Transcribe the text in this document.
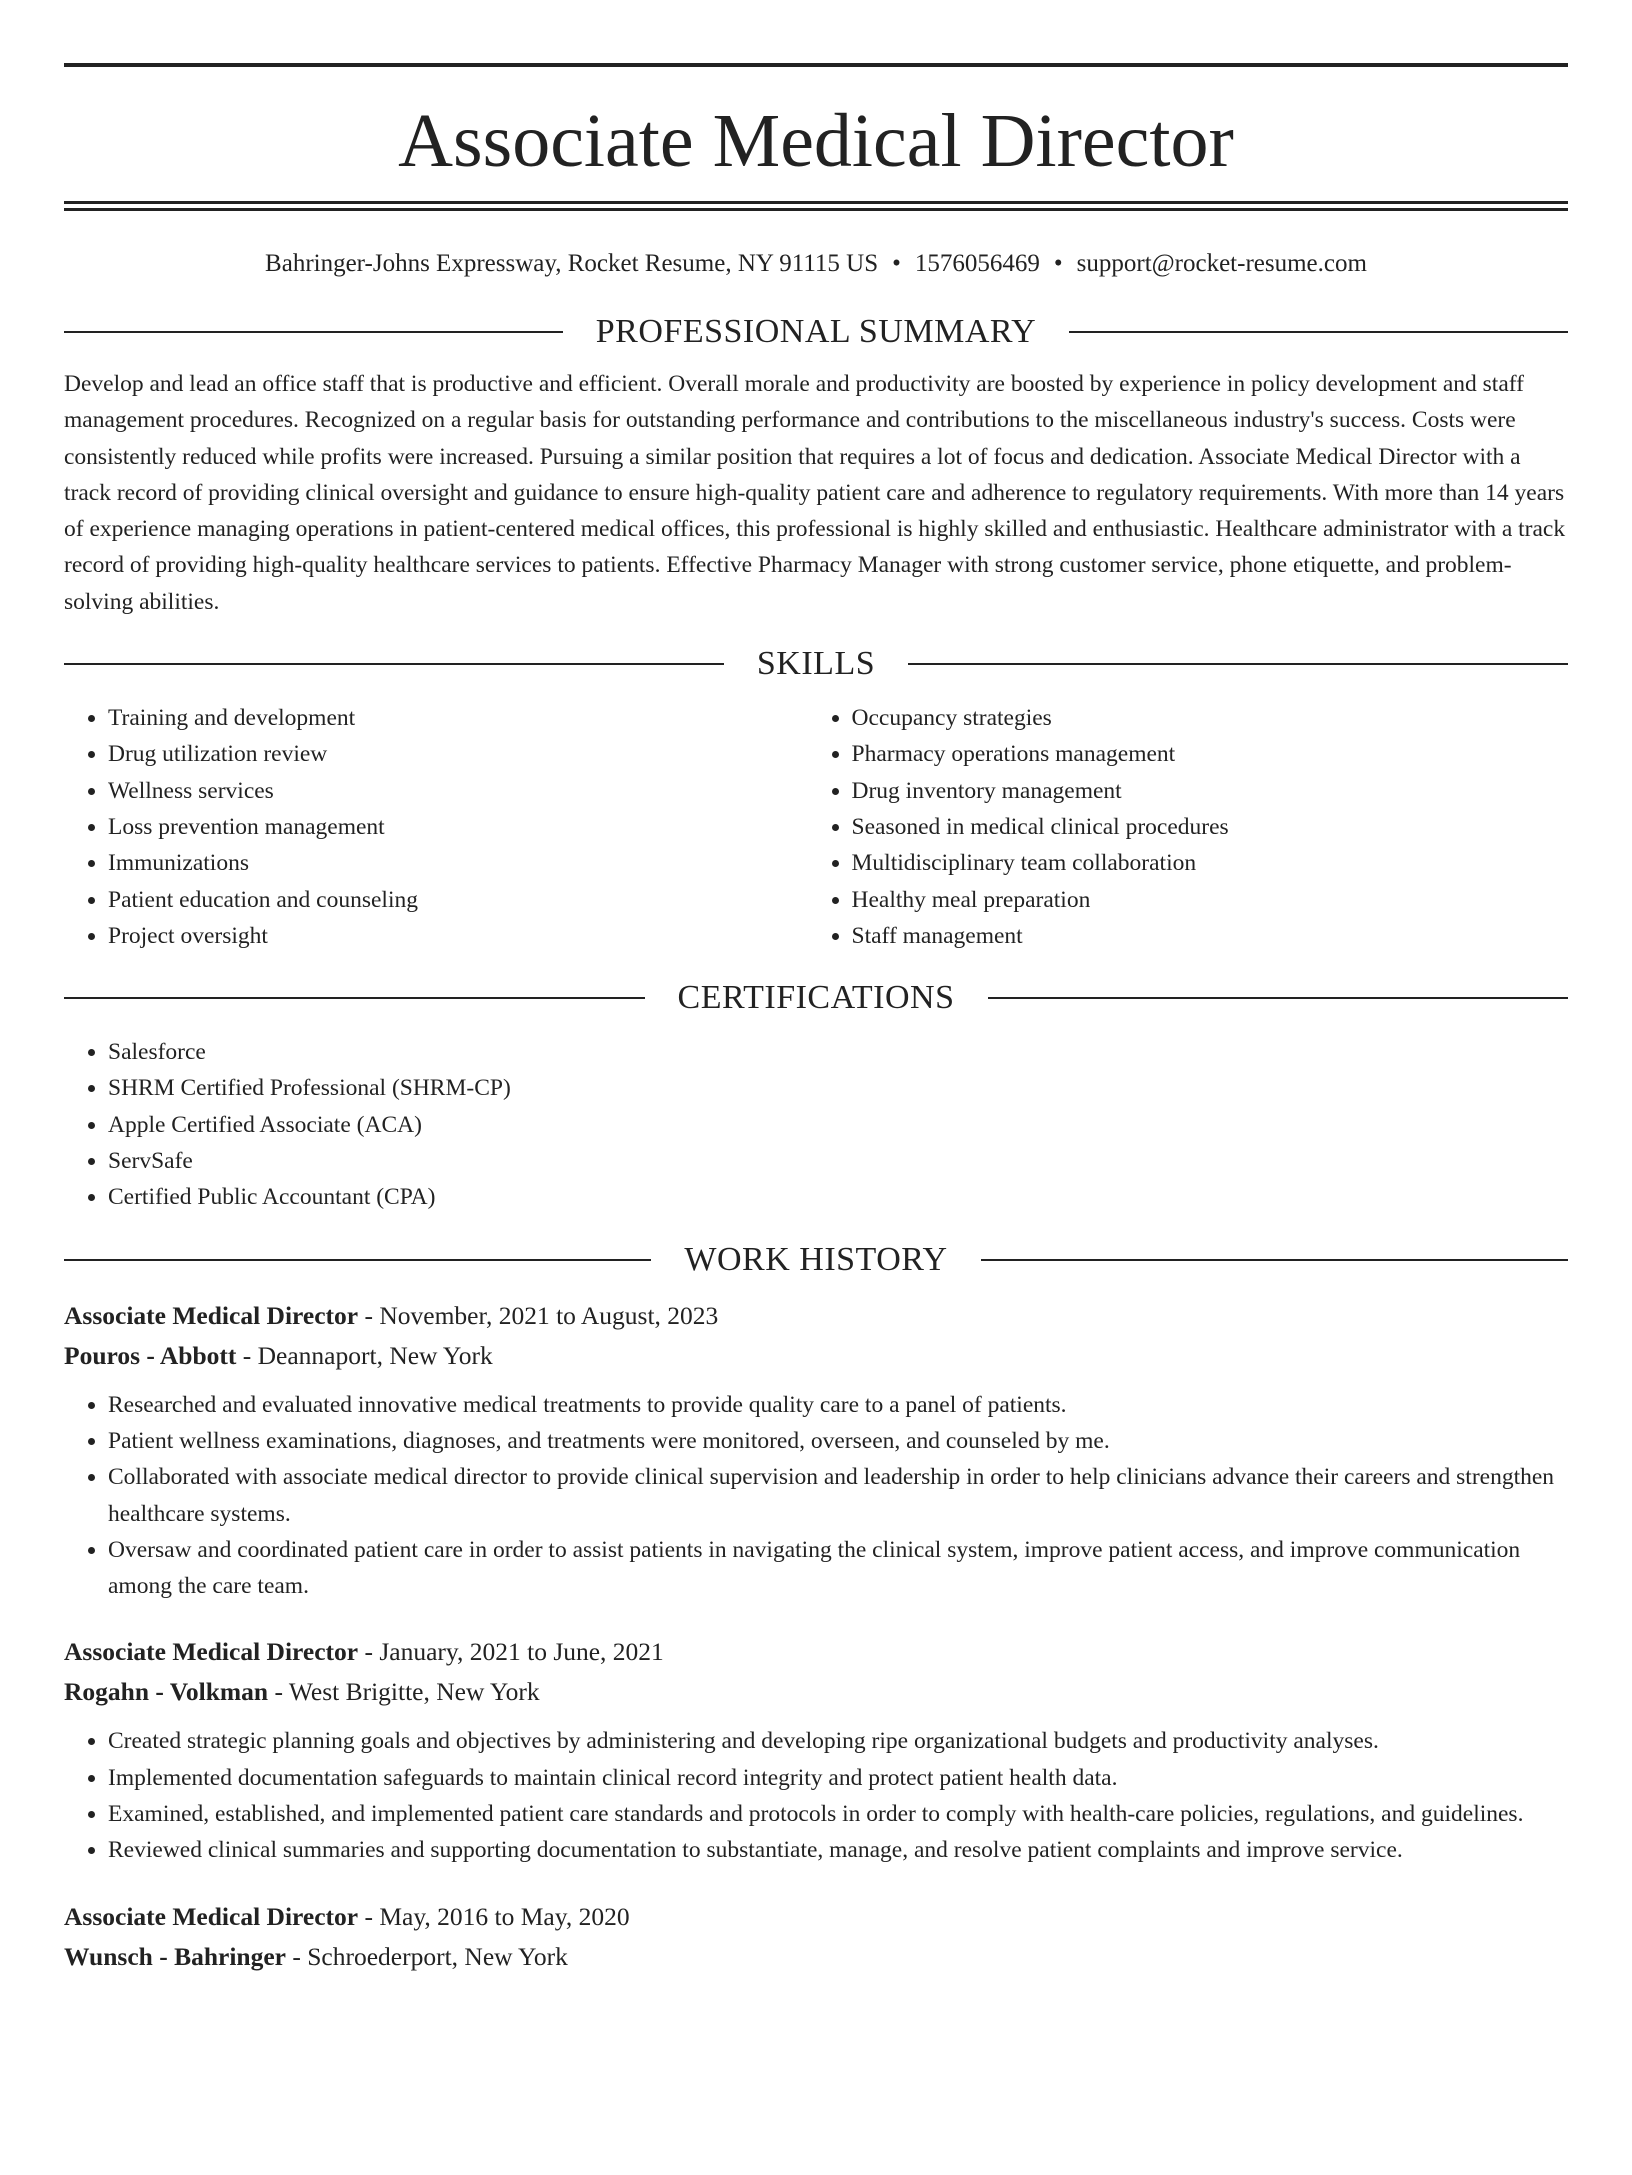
Associate Medical Director
Bahringer-Johns Expressway, Rocket Resume, NY 91115 US • 1576056469 • support@rocket-resume.com
PROFESSIONAL SUMMARY

Develop and lead an office staff that is productive and efficient. Overall morale and productivity are boosted by experience in policy development and staff management procedures. Recognized on a regular basis for outstanding performance and contributions to the miscellaneous industry's success. Costs were consistently reduced while profits were increased. Pursuing a similar position that requires a lot of focus and dedication. Associate Medical Director with a track record of providing clinical oversight and guidance to ensure high-quality patient care and adherence to regulatory requirements. With more than 14 years of experience managing operations in patient-centered medical offices, this professional is highly skilled and enthusiastic. Healthcare administrator with a track record of providing high-quality healthcare services to patients. Effective Pharmacy Manager with strong customer service, phone etiquette, and problem-solving abilities.

SKILLS
• Training and development
• Drug utilization review
• Wellness services
• Loss prevention management
• Immunizations
• Patient education and counseling
• Project oversight
• Occupancy strategies
• Pharmacy operations management
• Drug inventory management
• Seasoned in medical clinical procedures
• Multidisciplinary team collaboration
• Healthy meal preparation
• Staff management
CERTIFICATIONS
• Salesforce
• SHRM Certified Professional (SHRM-CP)
• Apple Certified Associate (ACA)
• ServSafe
• Certified Public Accountant (CPA)
WORK HISTORY
Associate Medical Director - November, 2021 to August, 2023
Pouros - Abbott - Deannaport, New York
• Researched and evaluated innovative medical treatments to provide quality care to a panel of patients.
• Patient wellness examinations, diagnoses, and treatments were monitored, overseen, and counseled by me.
• Collaborated with associate medical director to provide clinical supervision and leadership in order to help clinicians advance their careers and strengthen healthcare systems.
• Oversaw and coordinated patient care in order to assist patients in navigating the clinical system, improve patient access, and improve communication among the care team.
Associate Medical Director - January, 2021 to June, 2021
Rogahn - Volkman - West Brigitte, New York
• Created strategic planning goals and objectives by administering and developing ripe organizational budgets and productivity analyses.
• Implemented documentation safeguards to maintain clinical record integrity and protect patient health data.
• Examined, established, and implemented patient care standards and protocols in order to comply with health-care policies, regulations, and guidelines.
• Reviewed clinical summaries and supporting documentation to substantiate, manage, and resolve patient complaints and improve service.
Associate Medical Director - May, 2016 to May, 2020
Wunsch - Bahringer - Schroederport, New York
